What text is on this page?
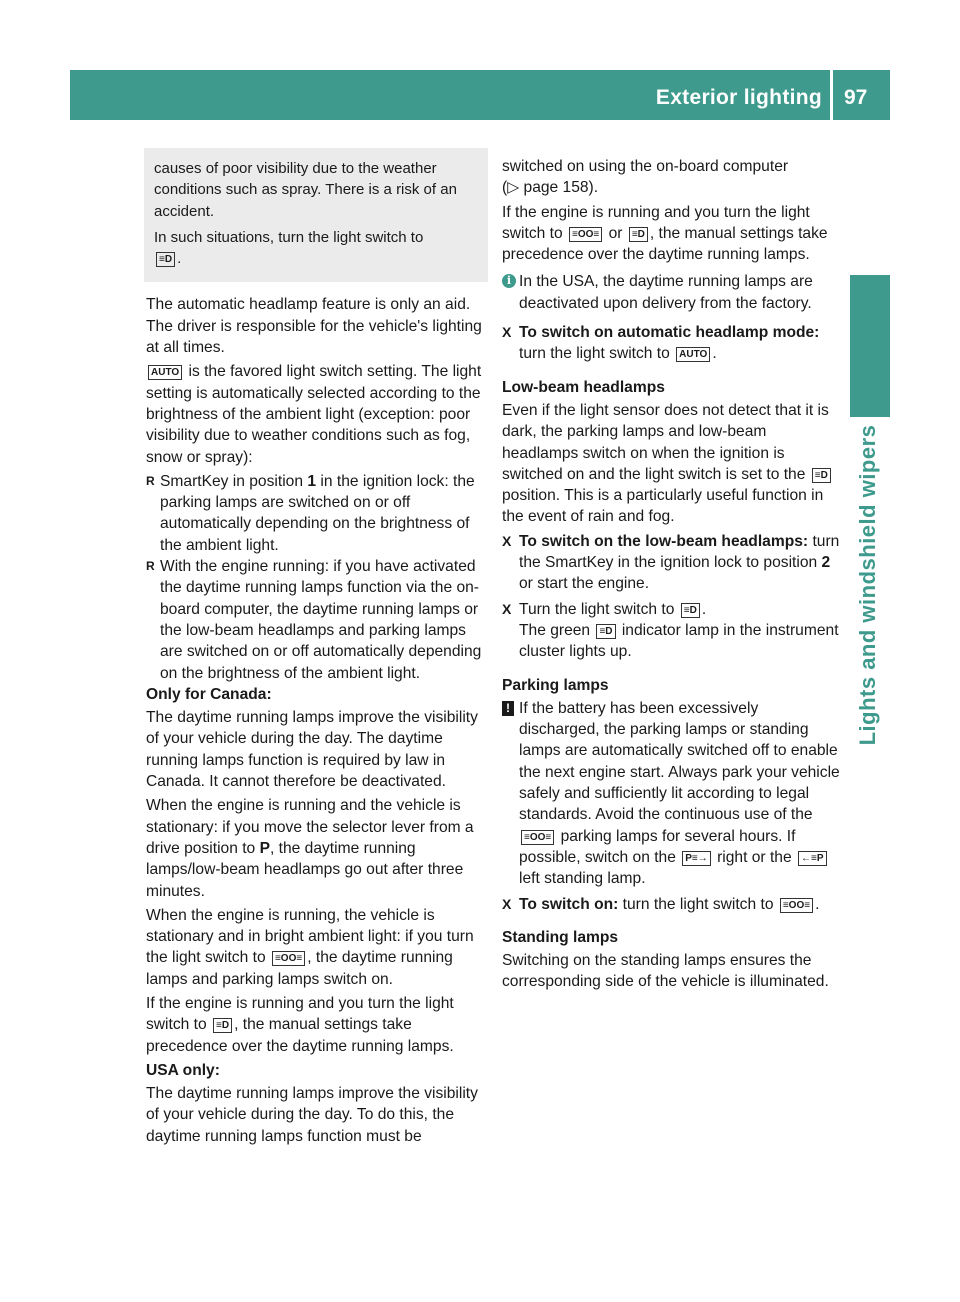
Exterior lighting 97
Lights and windshield wipers

causes of poor visibility due to the weather conditions such as spray. There is a risk of an accident.

In such situations, turn the light switch to
≡D .

The automatic headlamp feature is only an aid. The driver is responsible for the vehicle's lighting at all times.

AUTO is the favored light switch setting. The light setting is automatically selected according to the brightness of the ambient light (exception: poor visibility due to weather conditions such as fog, snow or spray):

R SmartKey in position 1 in the ignition lock: the parking lamps are switched on or off automatically depending on the brightness of the ambient light.

R With the engine running: if you have activated the daytime running lamps function via the on-board computer, the daytime running lamps or the low-beam headlamps and parking lamps are switched on or off automatically depending on the brightness of the ambient light.

Only for Canada:

The daytime running lamps improve the visibility of your vehicle during the day. The daytime running lamps function is required by law in Canada. It cannot therefore be deactivated.

When the engine is running and the vehicle is stationary: if you move the selector lever from a drive position to P, the daytime running lamps/low-beam headlamps go out after three minutes.

When the engine is running, the vehicle is stationary and in bright ambient light: if you turn the light switch to ≡OO≡ , the daytime running lamps and parking lamps switch on.

If the engine is running and you turn the light switch to ≡D , the manual settings take precedence over the daytime running lamps.

USA only:

The daytime running lamps improve the visibility of your vehicle during the day. To do this, the daytime running lamps function must be

switched on using the on-board computer
(▷ page 158).

If the engine is running and you turn the light switch to ≡OO≡ or ≡D , the manual settings take precedence over the daytime running lamps.

i In the USA, the daytime running lamps are deactivated upon delivery from the factory.

X To switch on automatic headlamp mode: turn the light switch to AUTO .

Low-beam headlamps

Even if the light sensor does not detect that it is dark, the parking lamps and low-beam headlamps switch on when the ignition is switched on and the light switch is set to the ≡D position. This is a particularly useful function in the event of rain and fog.

X To switch on the low-beam headlamps: turn the SmartKey in the ignition lock to position 2 or start the engine.

X Turn the light switch to ≡D .
The green ≡D indicator lamp in the instrument cluster lights up.

Parking lamps

! If the battery has been excessively discharged, the parking lamps or standing lamps are automatically switched off to enable the next engine start. Always park your vehicle safely and sufficiently lit according to legal standards. Avoid the continuous use of the ≡OO≡ parking lamps for several hours. If possible, switch on the P≡→ right or the ←≡P left standing lamp.

X To switch on: turn the light switch to ≡OO≡ .

Standing lamps

Switching on the standing lamps ensures the corresponding side of the vehicle is illuminated.
